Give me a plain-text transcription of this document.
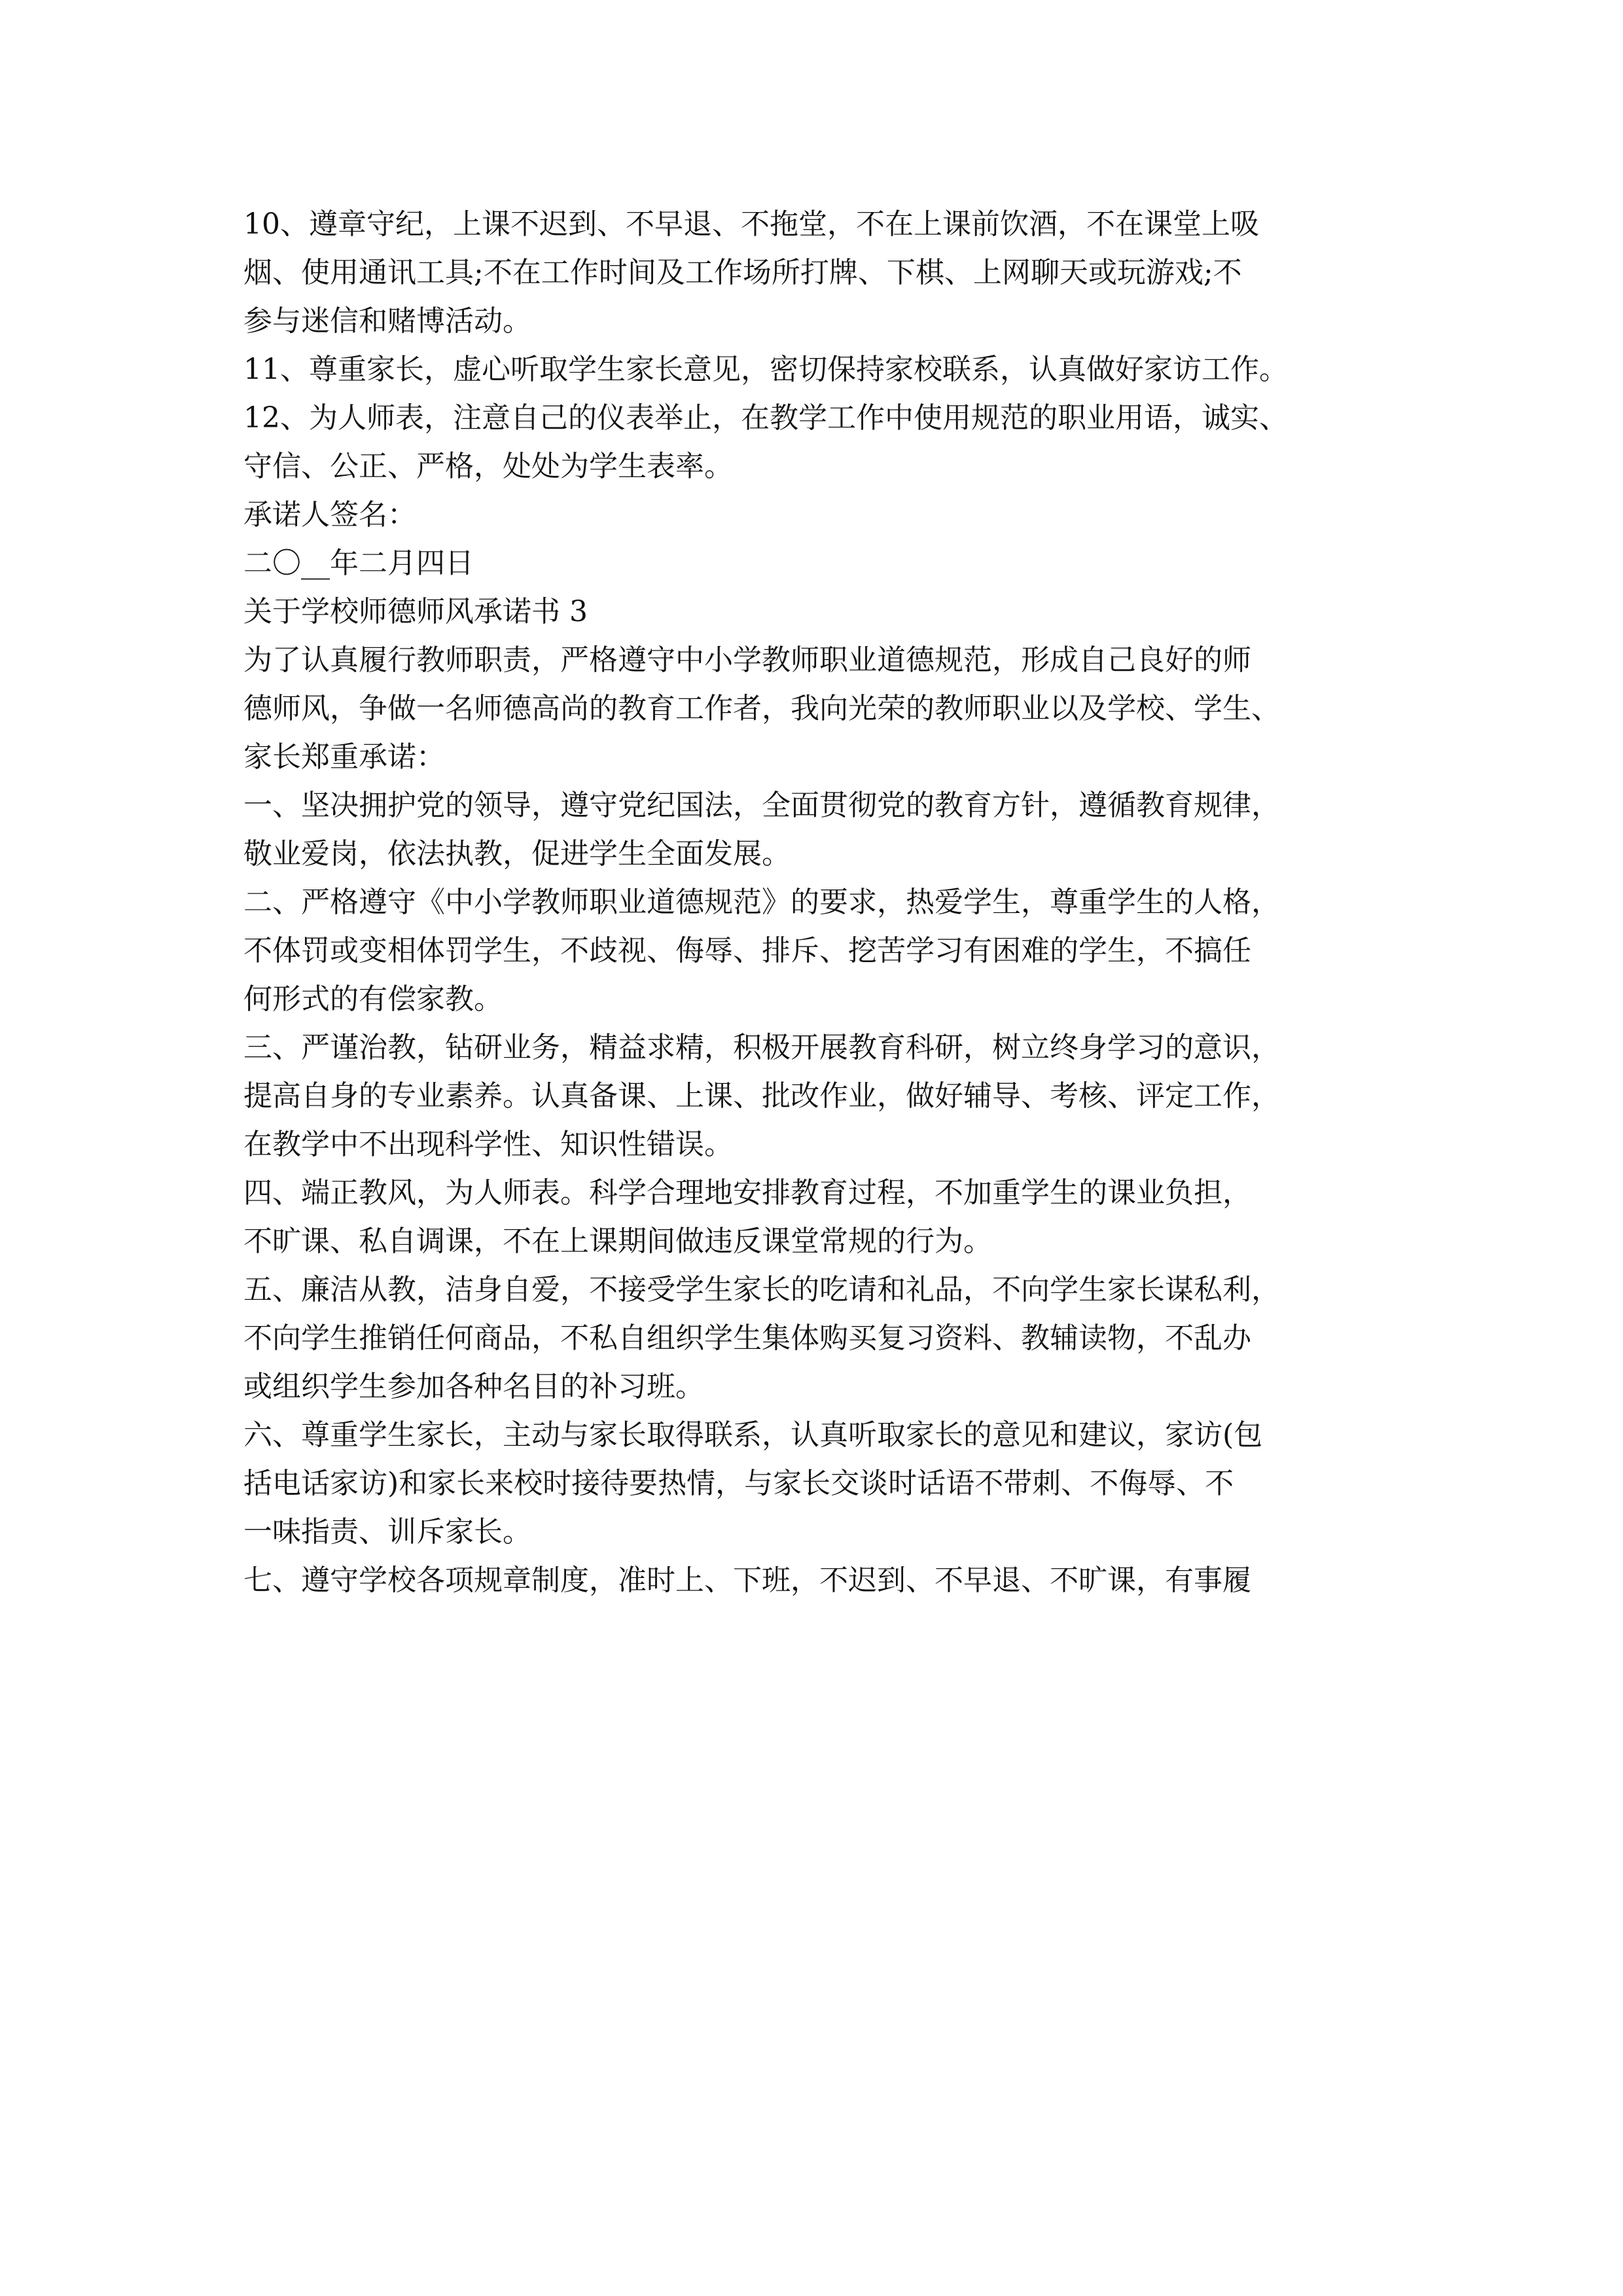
10、遵章守纪，上课不迟到、不早退、不拖堂，不在上课前饮酒，不在课堂上吸
烟、使用通讯工具;不在工作时间及工作场所打牌、下棋、上网聊天或玩游戏;不
参与迷信和赌博活动。
11、尊重家长，虚心听取学生家长意见，密切保持家校联系，认真做好家访工作。
12、为人师表，注意自己的仪表举止，在教学工作中使用规范的职业用语，诚实、
守信、公正、严格，处处为学生表率。
承诺人签名：
二〇__年二月四日
关于学校师德师风承诺书 3
为了认真履行教师职责，严格遵守中小学教师职业道德规范，形成自己良好的师
德师风，争做一名师德高尚的教育工作者，我向光荣的教师职业以及学校、学生、
家长郑重承诺：
一、坚决拥护党的领导，遵守党纪国法，全面贯彻党的教育方针，遵循教育规律，
敬业爱岗，依法执教，促进学生全面发展。
二、严格遵守《中小学教师职业道德规范》的要求，热爱学生，尊重学生的人格，
不体罚或变相体罚学生，不歧视、侮辱、排斥、挖苦学习有困难的学生，不搞任
何形式的有偿家教。
三、严谨治教，钻研业务，精益求精，积极开展教育科研，树立终身学习的意识，
提高自身的专业素养。认真备课、上课、批改作业，做好辅导、考核、评定工作，
在教学中不出现科学性、知识性错误。
四、端正教风，为人师表。科学合理地安排教育过程，不加重学生的课业负担，
不旷课、私自调课，不在上课期间做违反课堂常规的行为。
五、廉洁从教，洁身自爱，不接受学生家长的吃请和礼品，不向学生家长谋私利，
不向学生推销任何商品，不私自组织学生集体购买复习资料、教辅读物，不乱办
或组织学生参加各种名目的补习班。
六、尊重学生家长，主动与家长取得联系，认真听取家长的意见和建议，家访(包
括电话家访)和家长来校时接待要热情，与家长交谈时话语不带刺、不侮辱、不
一味指责、训斥家长。
七、遵守学校各项规章制度，准时上、下班，不迟到、不早退、不旷课，有事履
